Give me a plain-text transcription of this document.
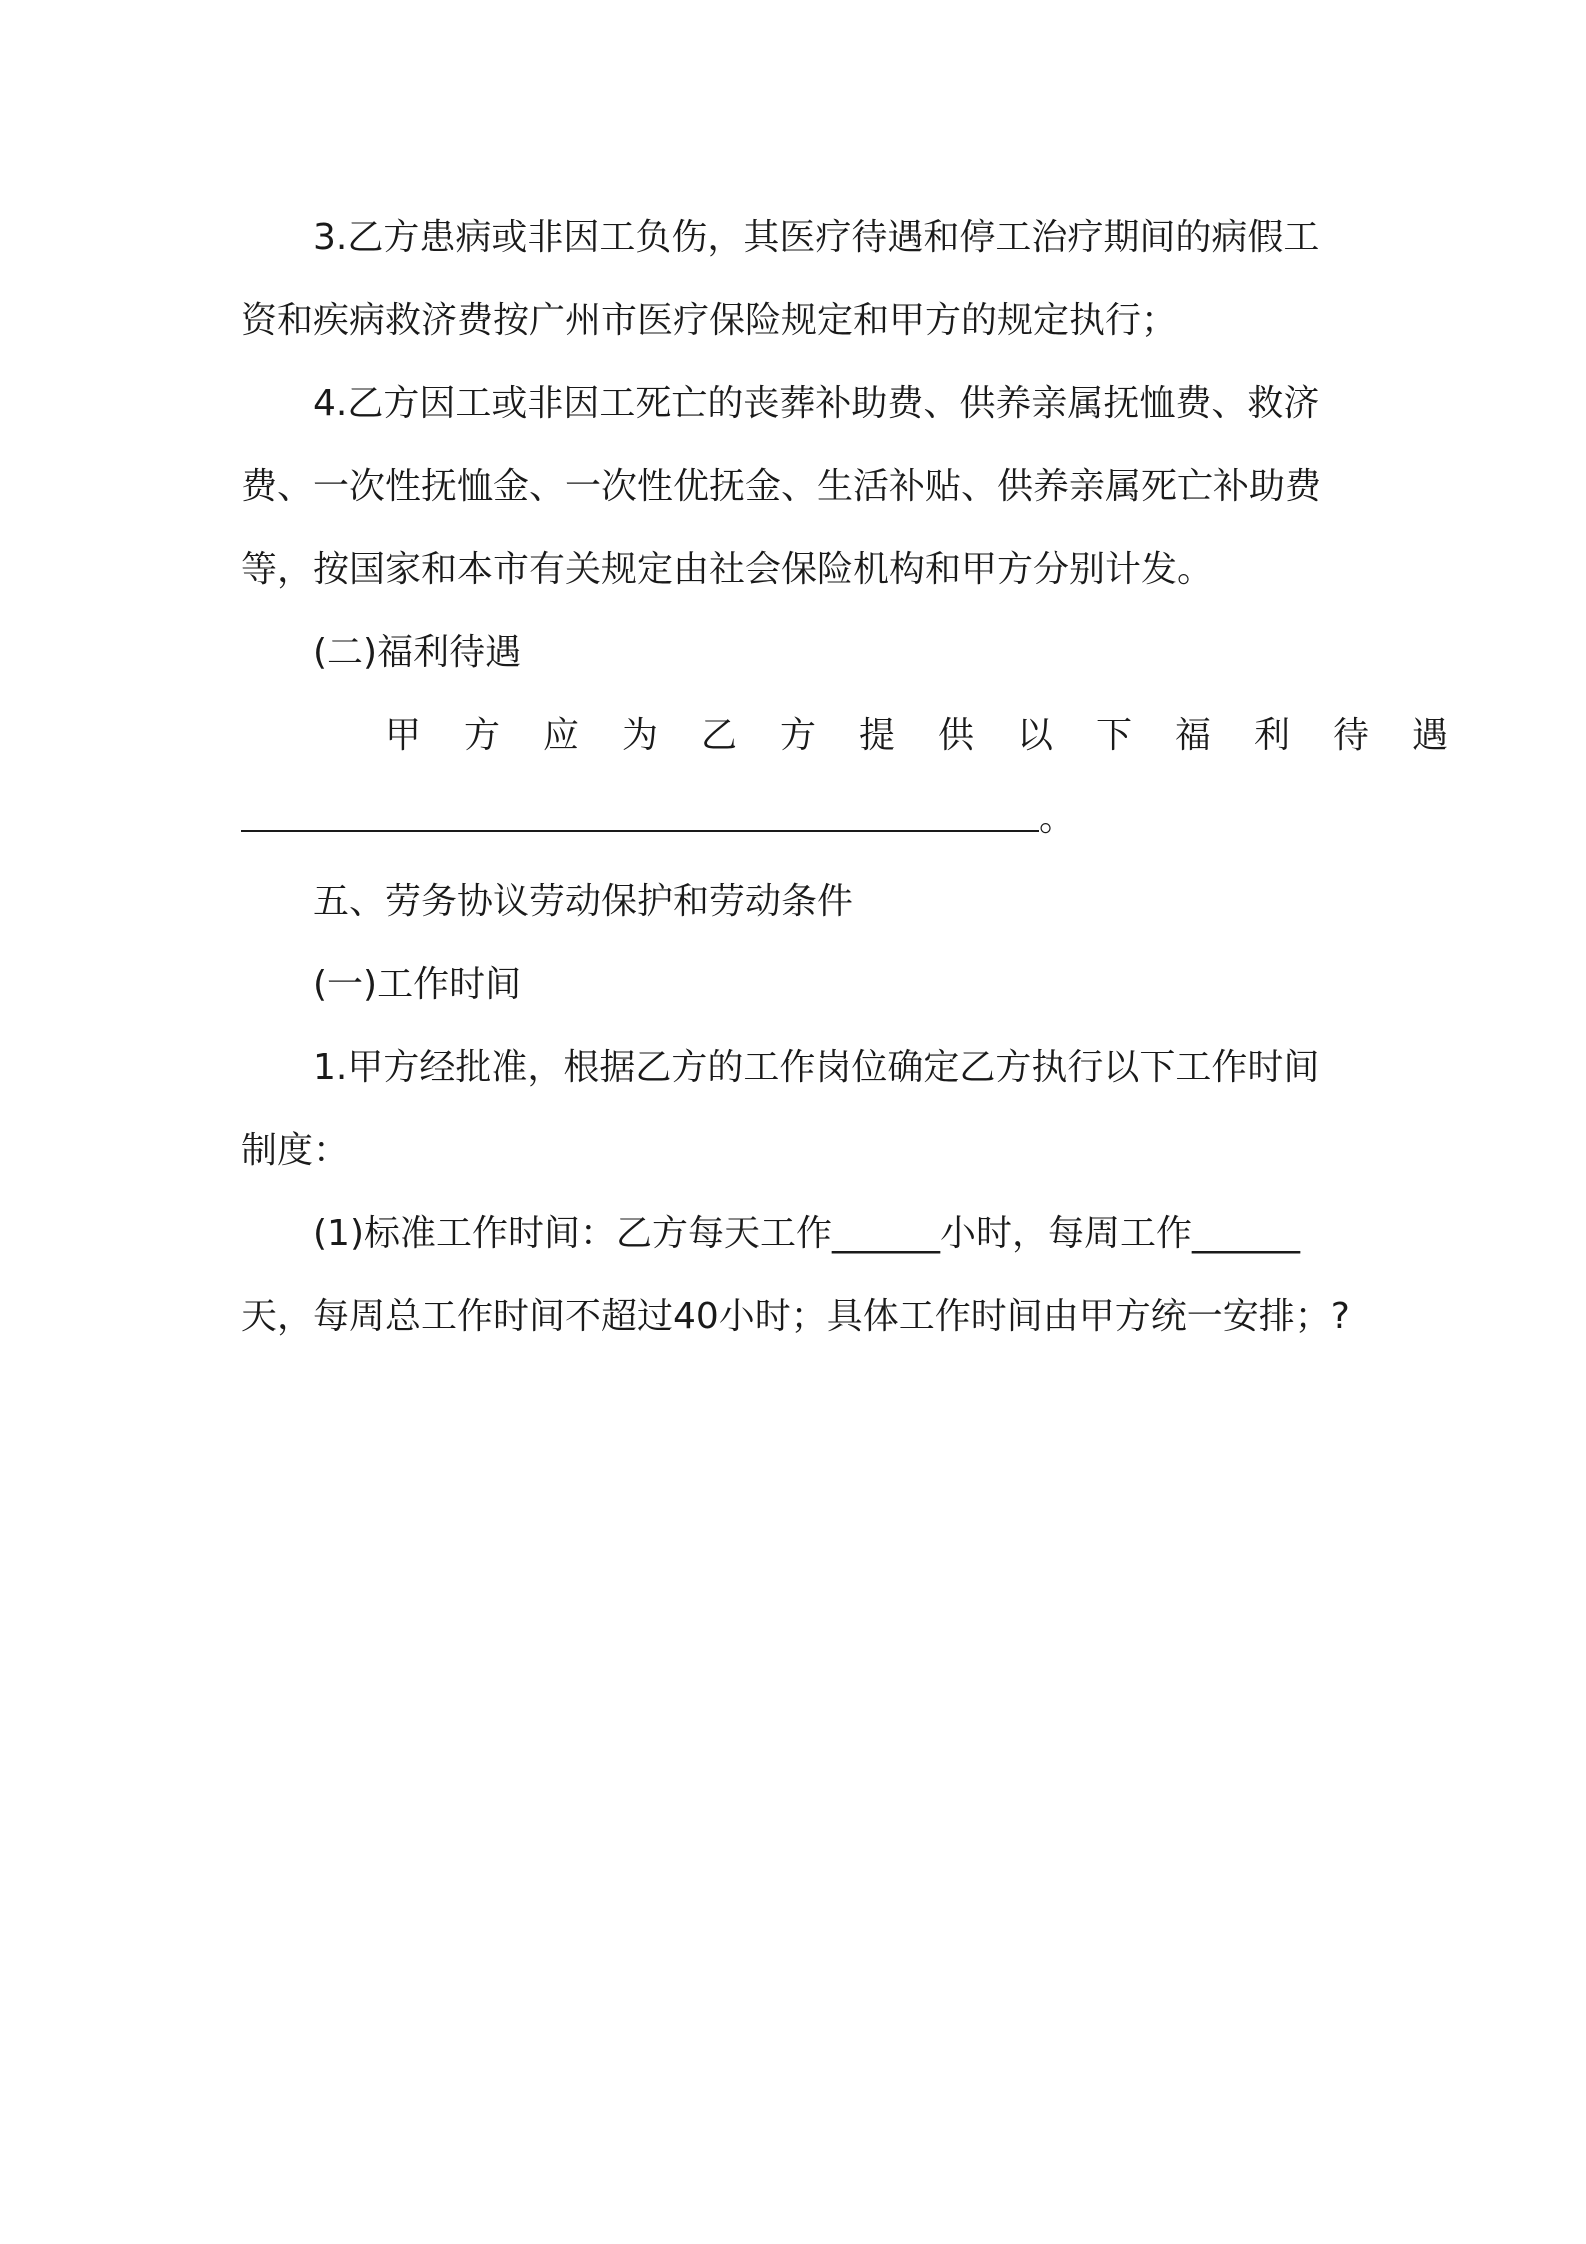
3.乙方患病或非因工负伤，其医疗待遇和停工治疗期间的病假工

资和疾病救济费按广州市医疗保险规定和甲方的规定执行；

4.乙方因工或非因工死亡的丧葬补助费、供养亲属抚恤费、救济

费、一次性抚恤金、一次性优抚金、生活补贴、供养亲属死亡补助费

等，按国家和本市有关规定由社会保险机构和甲方分别计发。

(二)福利待遇

甲方应为乙方提供以下福利待遇

。

五、劳务协议劳动保护和劳动条件

(一)工作时间

1.甲方经批准，根据乙方的工作岗位确定乙方执行以下工作时间

制度：

(1)标准工作时间：乙方每天工作______小时，每周工作______

天，每周总工作时间不超过40小时；具体工作时间由甲方统一安排；?
